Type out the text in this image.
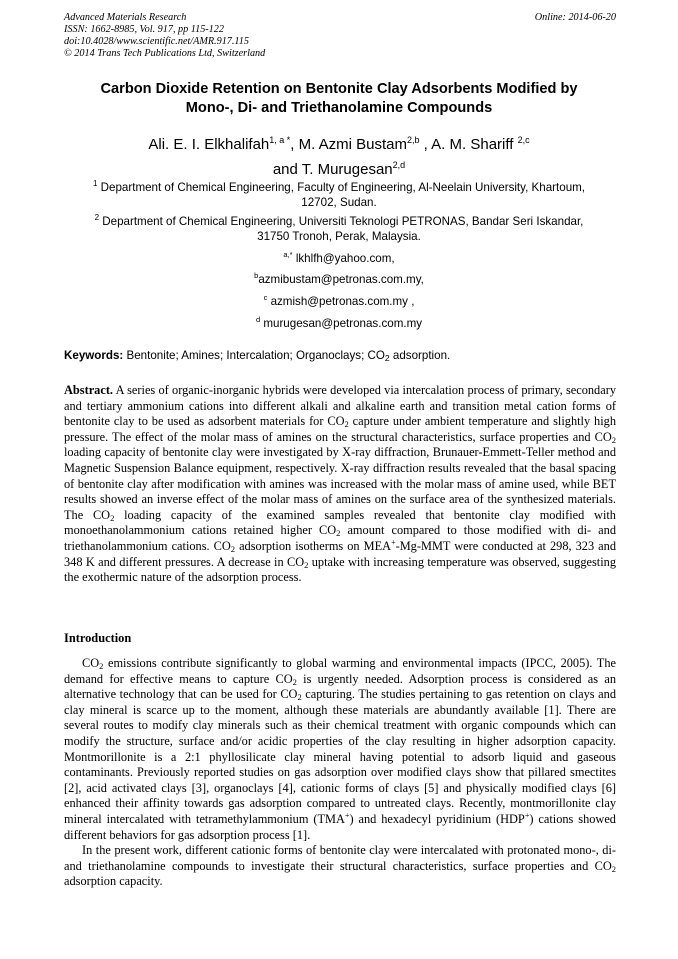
Advanced Materials Research
ISSN: 1662-8985, Vol. 917, pp 115-122
doi:10.4028/www.scientific.net/AMR.917.115
© 2014 Trans Tech Publications Ltd, Switzerland
Online: 2014-06-20
Carbon Dioxide Retention on Bentonite Clay Adsorbents Modified by
Mono-, Di- and Triethanolamine Compounds
Ali. E. I. Elkhalifah$^{1, a *}$, M. Azmi Bustam$^{2,b}$ , A. M. Shariff $^{2,c}$
and T. Murugesan$^{2,d}$
$^1$ Department of Chemical Engineering, Faculty of Engineering, Al-Neelain University, Khartoum,
12702, Sudan.
$^2$ Department of Chemical Engineering, Universiti Teknologi PETRONAS, Bandar Seri Iskandar,
31750 Tronoh, Perak, Malaysia.
$^{a,*}$ lkhlfh@yahoo.com,
$^b$azmibustam@petronas.com.my,
$^c$ azmish@petronas.com.my ,
$^d$ murugesan@petronas.com.my
Keywords: Bentonite; Amines; Intercalation; Organoclays; $CO_2$ adsorption.
Abstract. A series of organic-inorganic hybrids were developed via intercalation process of primary, secondary and tertiary ammonium cations into different alkali and alkaline earth and transition metal cation forms of bentonite clay to be used as adsorbent materials for $CO_2$ capture under ambient temperature and slightly high pressure. The effect of the molar mass of amines on the structural characteristics, surface properties and $CO_2$ loading capacity of bentonite clay were investigated by X-ray diffraction, Brunauer-Emmett-Teller method and Magnetic Suspension Balance equipment, respectively. X-ray diffraction results revealed that the basal spacing of bentonite clay after modification with amines was increased with the molar mass of amine used, while BET results showed an inverse effect of the molar mass of amines on the surface area of the synthesized materials. The $CO_2$ loading capacity of the examined samples revealed that bentonite clay modified with monoethanolammonium cations retained higher $CO_2$ amount compared to those modified with di- and triethanolammonium cations. $CO_2$ adsorption isotherms on MEA+-Mg-MMT were conducted at 298, 323 and 348 K and different pressures. A decrease in $CO_2$ uptake with increasing temperature was observed, suggesting the exothermic nature of the adsorption process.
Introduction

$CO_2$ emissions contribute significantly to global warming and environmental impacts (IPCC, 2005). The demand for effective means to capture $CO_2$ is urgently needed. Adsorption process is considered as an alternative technology that can be used for $CO_2$ capturing. The studies pertaining to gas retention on clays and clay mineral is scarce up to the moment, although these materials are abundantly available [1]. There are several routes to modify clay minerals such as their chemical treatment with organic compounds which can modify the structure, surface and/or acidic properties of the clay resulting in higher adsorption capacity. Montmorillonite is a 2:1 phyllosilicate clay mineral having potential to adsorb liquid and gaseous contaminants. Previously reported studies on gas adsorption over modified clays show that pillared smectites [2], acid activated clays [3], organoclays [4], cationic forms of clays [5] and physically modified clays [6] enhanced their affinity towards gas adsorption compared to untreated clays. Recently, montmorillonite clay mineral intercalated with tetramethylammonium (TMA+) and hexadecyl pyridinium (HDP+) cations showed different behaviors for gas adsorption process [1].

In the present work, different cationic forms of bentonite clay were intercalated with protonated mono-, di- and triethanolamine compounds to investigate their structural characteristics, surface properties and $CO_2$ adsorption capacity.
